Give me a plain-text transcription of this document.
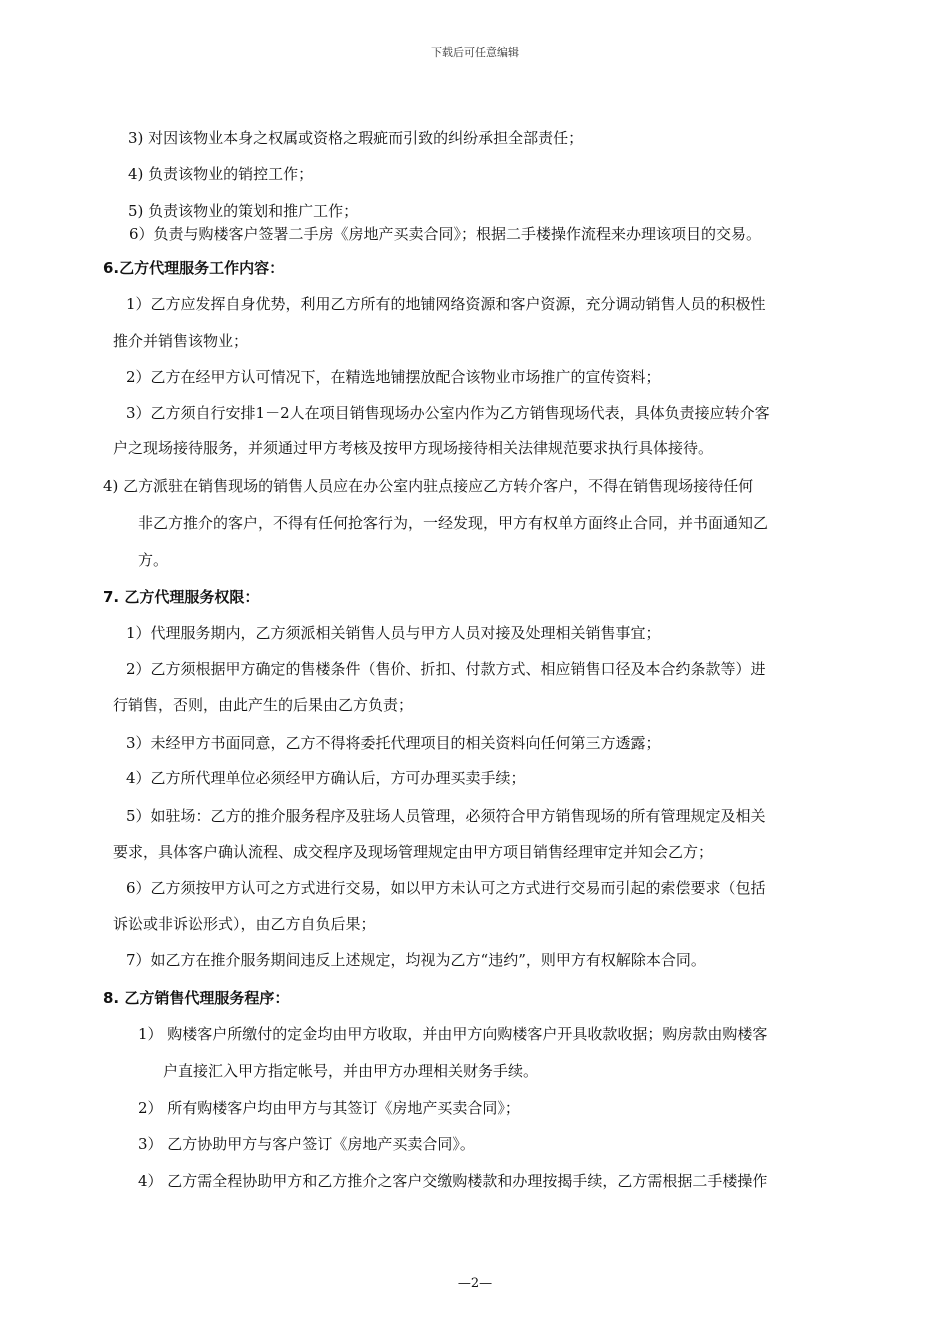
下载后可任意编辑
3) 对因该物业本身之权属或资格之瑕疵而引致的纠纷承担全部责任；
4) 负责该物业的销控工作；
5) 负责该物业的策划和推广工作；
6）负责与购楼客户签署二手房《房地产买卖合同》；根据二手楼操作流程来办理该项目的交易。
6.乙方代理服务工作内容：
1）乙方应发挥自身优势，利用乙方所有的地铺网络资源和客户资源，充分调动销售人员的积极性
推介并销售该物业；
2）乙方在经甲方认可情况下，在精选地铺摆放配合该物业市场推广的宣传资料；
3）乙方须自行安排1－2人在项目销售现场办公室内作为乙方销售现场代表，具体负责接应转介客
户之现场接待服务，并须通过甲方考核及按甲方现场接待相关法律规范要求执行具体接待。
4) 乙方派驻在销售现场的销售人员应在办公室内驻点接应乙方转介客户，不得在销售现场接待任何
非乙方推介的客户，不得有任何抢客行为，一经发现，甲方有权单方面终止合同，并书面通知乙
方。
7. 乙方代理服务权限：
1）代理服务期内，乙方须派相关销售人员与甲方人员对接及处理相关销售事宜；
2）乙方须根据甲方确定的售楼条件（售价、折扣、付款方式、相应销售口径及本合约条款等）进
行销售，否则，由此产生的后果由乙方负责；
3）未经甲方书面同意，乙方不得将委托代理项目的相关资料向任何第三方透露；
4）乙方所代理单位必须经甲方确认后，方可办理买卖手续；
5）如驻场：乙方的推介服务程序及驻场人员管理，必须符合甲方销售现场的所有管理规定及相关
要求，具体客户确认流程、成交程序及现场管理规定由甲方项目销售经理审定并知会乙方；
6）乙方须按甲方认可之方式进行交易，如以甲方未认可之方式进行交易而引起的索偿要求（包括
诉讼或非诉讼形式），由乙方自负后果；
7）如乙方在推介服务期间违反上述规定，均视为乙方“违约”，则甲方有权解除本合同。
8. 乙方销售代理服务程序：
1） 购楼客户所缴付的定金均由甲方收取，并由甲方向购楼客户开具收款收据；购房款由购楼客
户直接汇入甲方指定帐号，并由甲方办理相关财务手续。
2） 所有购楼客户均由甲方与其签订《房地产买卖合同》；
3） 乙方协助甲方与客户签订《房地产买卖合同》。
4） 乙方需全程协助甲方和乙方推介之客户交缴购楼款和办理按揭手续，乙方需根据二手楼操作
—2—
